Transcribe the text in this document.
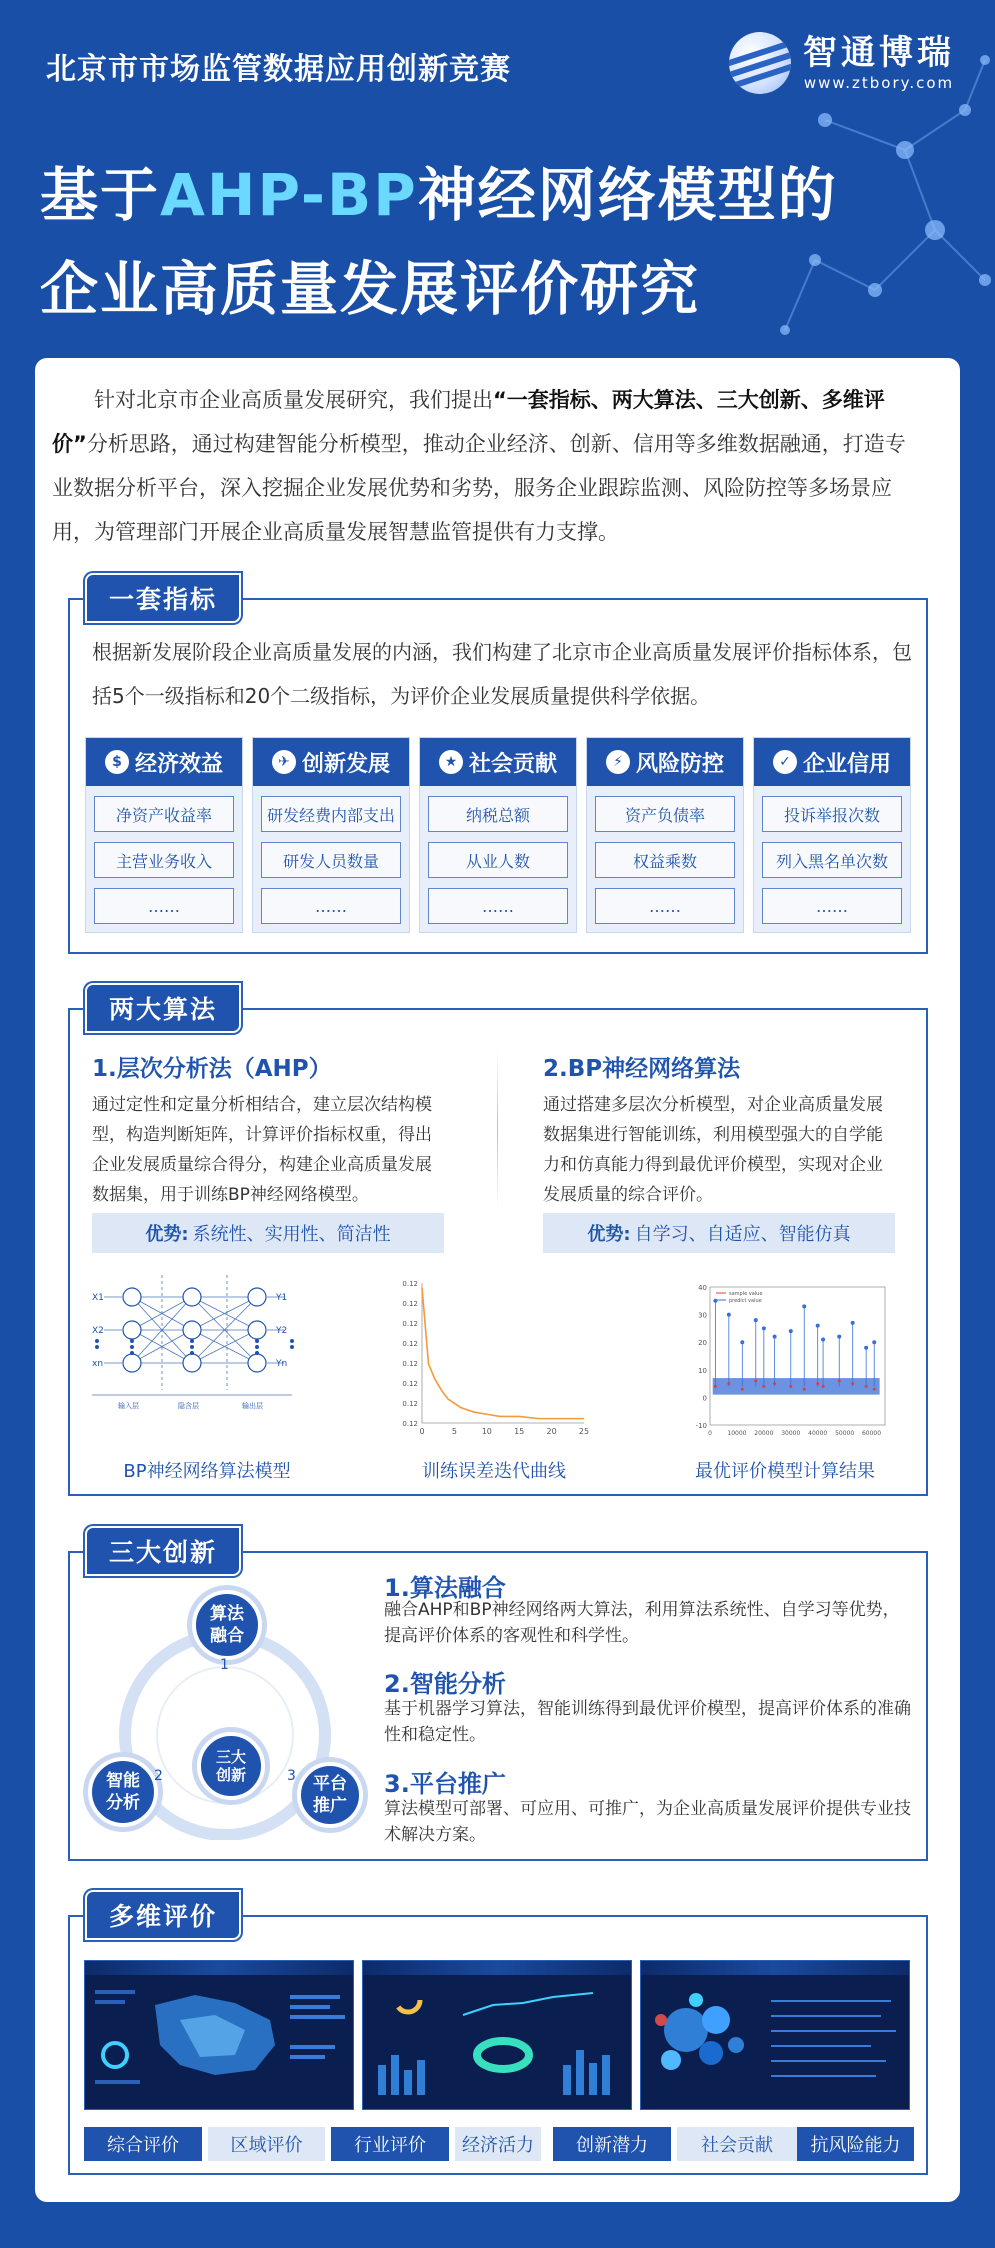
北京市市场监管数据应用创新竞赛	智通博瑞
www.ztbory.com
基于AHP-BP神经网络模型的
企业高质量发展评价研究
针对北京市企业高质量发展研究，我们提出“一套指标、两大算法、三大创新、多维评价”分析思路，通过构建智能分析模型，推动企业经济、创新、信用等多维数据融通，打造专业数据分析平台，深入挖掘企业发展优势和劣势，服务企业跟踪监测、风险防控等多场景应用，为管理部门开展企业高质量发展智慧监管提供有力支撑。
一套指标
根据新发展阶段企业高质量发展的内涵，我们构建了北京市企业高质量发展评价指标体系，包括5个一级指标和20个二级指标，为评价企业发展质量提供科学依据。
$ 经济效益
净资产收益率
主营业务收入
……
✈ 创新发展
研发经费内部支出
研发人员数量
……
★ 社会贡献
纳税总额
从业人数
……
⚡ 风险防控
资产负债率
权益乘数
……
✓ 企业信用
投诉举报次数
列入黑名单次数
……
两大算法
1.层次分析法（AHP）
通过定性和定量分析相结合，建立层次结构模型，构造判断矩阵，计算评价指标权重，得出企业发展质量综合得分，构建企业高质量发展数据集，用于训练BP神经网络模型。
优势: 系统性、实用性、简洁性
2.BP神经网络算法
通过搭建多层次分析模型，对企业高质量发展数据集进行智能训练，利用模型强大的自学能力和仿真能力得到最优评价模型，实现对企业发展质量的综合评价。
优势: 自学习、自适应、智能仿真
X1
X2
xn
Y1
Y2
Yn
输入层	隐含层	输出层
0.12
0.12
0.12
0.12
0.12
0.12
0.12
0.12
0	5	10	15	20	25
40
30
20
10
0
-10
0	10000 20000 30000 40000 50000 60000
sample value
predict value
BP神经网络算法模型	训练误差迭代曲线	最优评价模型计算结果
三大创新
三大
创新
算法
融合
智能
分析
平台
推广
1
2	3
1.算法融合
融合AHP和BP神经网络两大算法，利用算法系统性、自学习等优势，提高评价体系的客观性和科学性。
2.智能分析
基于机器学习算法，智能训练得到最优评价模型，提高评价体系的准确性和稳定性。
3.平台推广
算法模型可部署、可应用、可推广，为企业高质量发展评价提供专业技术解决方案。
多维评价
综合评价	区域评价	行业评价	经济活力	创新潜力	社会贡献	抗风险能力
